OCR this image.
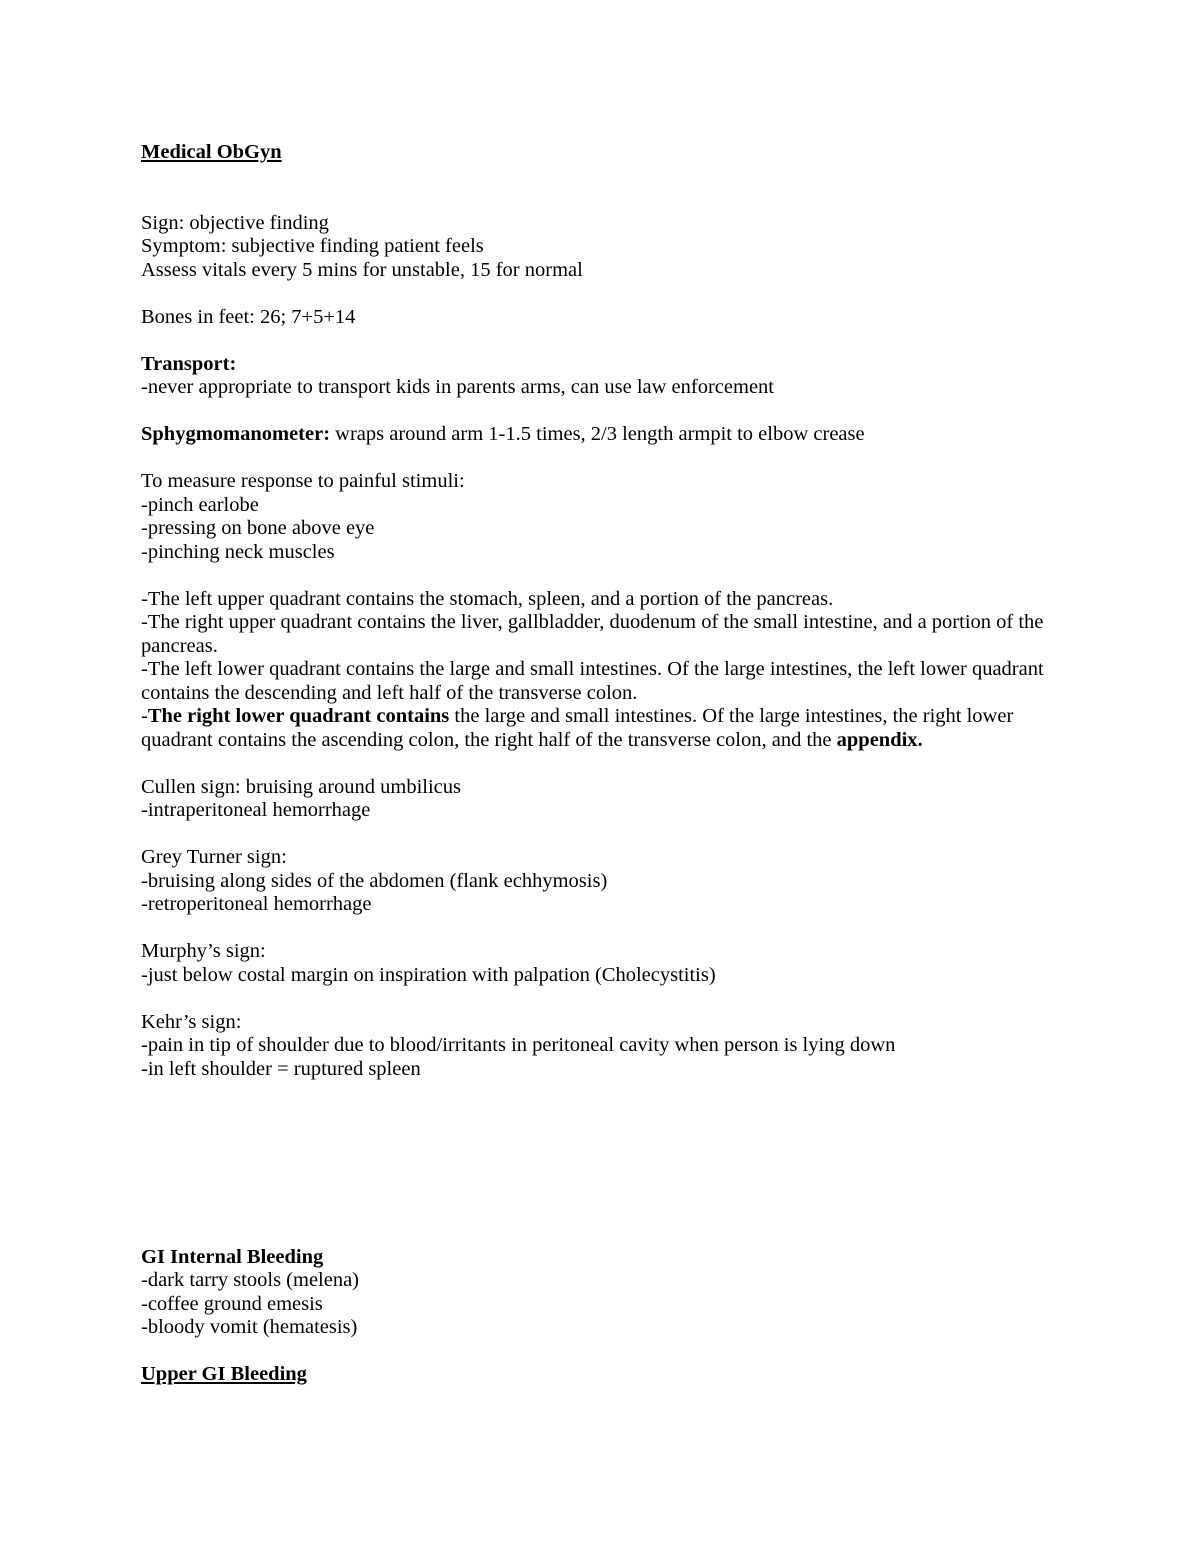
Medical ObGyn
Sign: objective finding
Symptom: subjective finding patient feels
Assess vitals every 5 mins for unstable, 15 for normal
Bones in feet: 26; 7+5+14
Transport:
-never appropriate to transport kids in parents arms, can use law enforcement
Sphygmomanometer: wraps around arm 1-1.5 times, 2/3 length armpit to elbow crease
To measure response to painful stimuli:
-pinch earlobe
-pressing on bone above eye
-pinching neck muscles
-The left upper quadrant contains the stomach, spleen, and a portion of the pancreas.
-The right upper quadrant contains the liver, gallbladder, duodenum of the small intestine, and a portion of the pancreas.
-The left lower quadrant contains the large and small intestines. Of the large intestines, the left lower quadrant contains the descending and left half of the transverse colon.
-The right lower quadrant contains the large and small intestines. Of the large intestines, the right lower quadrant contains the ascending colon, the right half of the transverse colon, and the appendix.
Cullen sign: bruising around umbilicus
-intraperitoneal hemorrhage
Grey Turner sign:
-bruising along sides of the abdomen (flank echhymosis)
-retroperitoneal hemorrhage
Murphy’s sign:
-just below costal margin on inspiration with palpation (Cholecystitis)
Kehr’s sign:
-pain in tip of shoulder due to blood/irritants in peritoneal cavity when person is lying down
-in left shoulder = ruptured spleen
GI Internal Bleeding
-dark tarry stools (melena)
-coffee ground emesis
-bloody vomit (hematesis)
Upper GI Bleeding
